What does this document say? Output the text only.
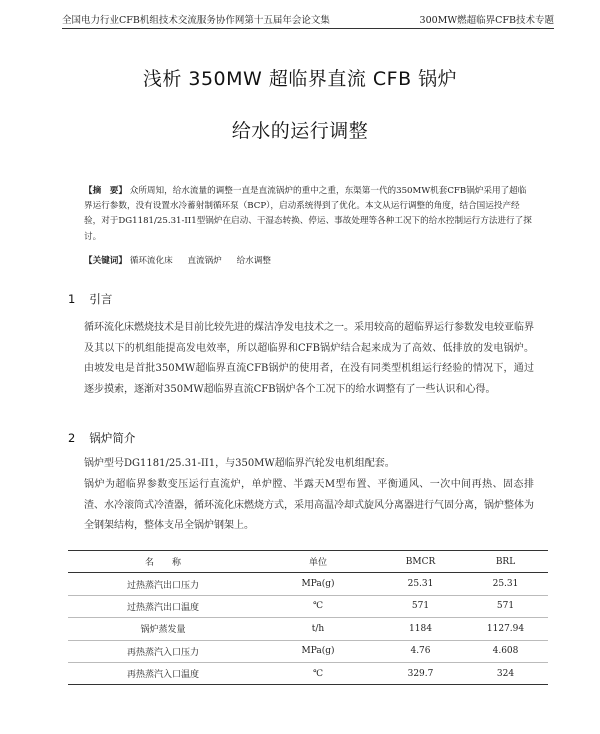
全国电力行业CFB机组技术交流服务协作网第十五届年会论文集	300MW燃超临界CFB技术专题
浅析 350MW 超临界直流 CFB 锅炉
给水的运行调整
【摘　要】 众所周知，给水流量的调整一直是直流锅炉的重中之重，东渠第一代的350MW机套CFB锅炉采用了超临界运行参数，没有设置水冷蓄射制循环泵（BCP），启动系统得到了优化。本文从运行调整的角度，结合国运投产经验，对于DG1181/25.31-II1型锅炉在启动、干湿态转换、停运、事故处理等各种工况下的给水控制运行方法进行了探讨。
【关键词】 循环流化床 直流锅炉 给水调整
1 引言
循环流化床燃烧技术是目前比较先进的煤洁净发电技术之一。采用较高的超临界运行参数发电较亚临界及其以下的机组能提高发电效率，所以超临界和CFB锅炉结合起来成为了高效、低排放的发电锅炉。由坡发电是首批350MW超临界直流CFB锅炉的使用者，在没有同类型机组运行经验的情况下，通过逐步摸索，逐渐对350MW超临界直流CFB锅炉各个工况下的给水调整有了一些认识和心得。
2 锅炉简介
锅炉型号DG1181/25.31-II1，与350MW超临界汽轮发电机组配套。
锅炉为超临界参数变压运行直流炉，单炉膛、半露天M型布置、平衡通风、一次中间再热、固态排渣、水冷滚筒式冷渣器，循环流化床燃烧方式，采用高温冷却式旋风分离器进行气固分离，锅炉整体为全钢架结构，整体支吊全锅炉钢架上。
名　　称	单位	BMCR	BRL
过热蒸汽出口压力	MPa(g)	25.31	25.31
过热蒸汽出口温度	℃	571	571
锅炉蒸发量	t/h	1184	1127.94
再热蒸汽入口压力	MPa(g)	4.76	4.608
再热蒸汽入口温度	℃	329.7	324
